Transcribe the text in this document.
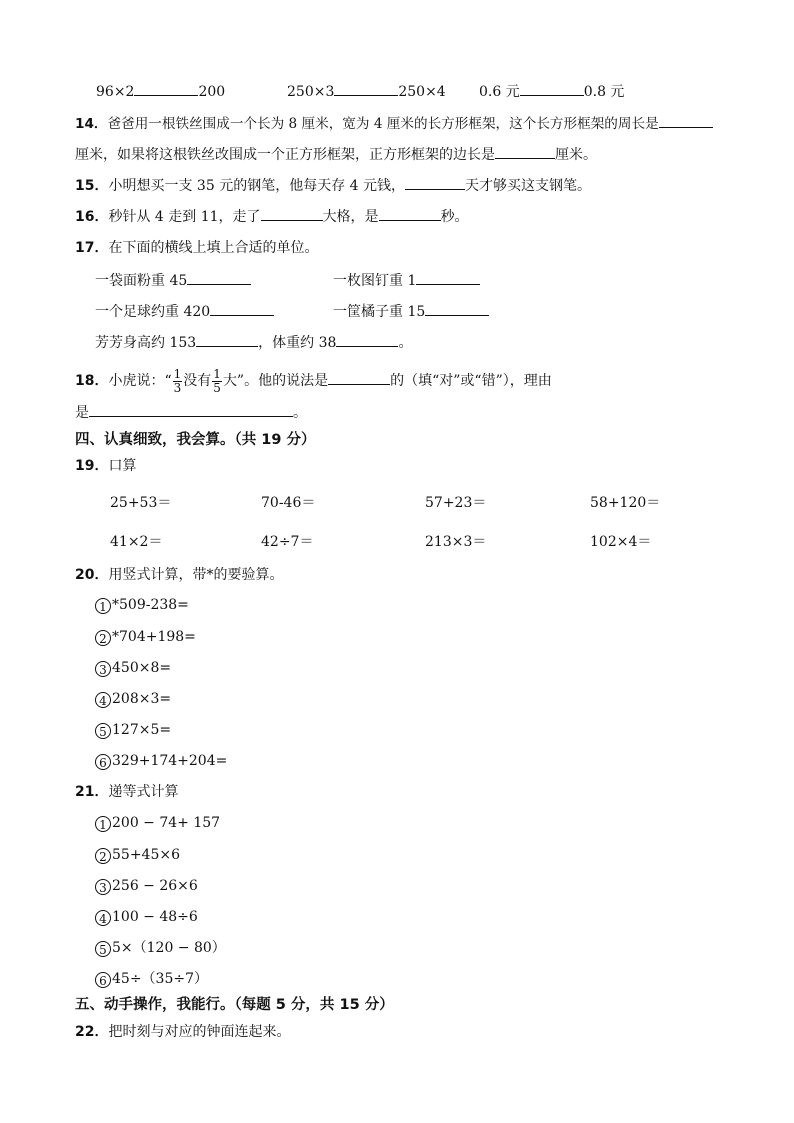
96×2	200	250×3	250×4 0.6 元	0.8 元
14．爸爸用一根铁丝围成一个长为 8 厘米，宽为 4 厘米的长方形框架，这个长方形框架的周长是
厘米，如果将这根铁丝改围成一个正方形框架，正方形框架的边长是	厘米。
15．小明想买一支 35 元的钢笔，他每天存 4 元钱，	天才够买这支钢笔。
16．秒针从 4 走到 11，走了	大格，是	秒。
17．在下面的横线上填上合适的单位。
一袋面粉重 45	一枚图钉重 1
一个足球约重 420	一筐橘子重 15
芳芳身高约 153	，体重约 38	。
18．小虎说：“ $\frac{1}{3}$ 没有 $\frac{1}{5}$ 大”。他的说法是	的（填“对”或“错”），理由
是	。
四、认真细致，我会算。（共 19 分）
19．口算
25+53＝	70-46＝	57+23＝	58+120＝
41×2＝	42÷7＝	213×3＝	102×4＝
20．用竖式计算，带*的要验算。
1 *509-238=
2 *704+198=
3 450×8=
4 208×3=
5 127×5=
6 329+174+204=
21．递等式计算
1 200 − 74+ 157
2 55+45×6
3 256 − 26×6
4 100 − 48÷6
5 5×（120 − 80）
6 45÷（35÷7）
五、动手操作，我能行。（每题 5 分，共 15 分）
22．把时刻与对应的钟面连起来。
